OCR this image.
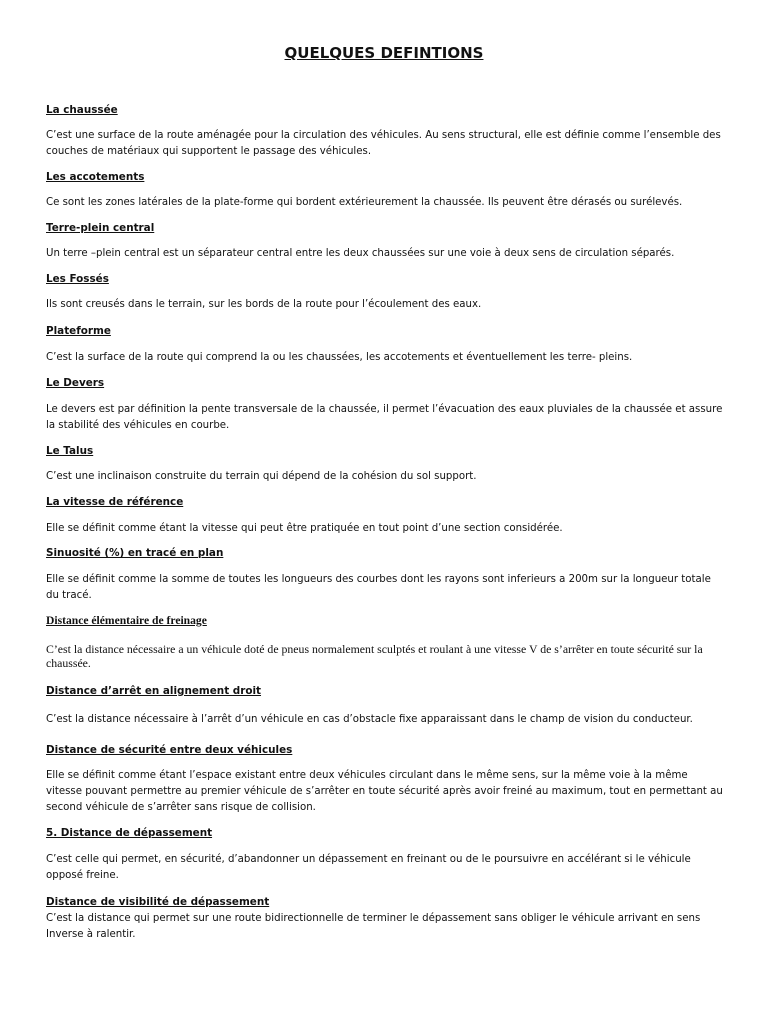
QUELQUES DEFINTIONS
La chaussée

C’est une surface de la route aménagée pour la circulation des véhicules. Au sens structural, elle est définie comme l’ensemble des couches de matériaux qui supportent le passage des véhicules.

Les accotements

Ce sont les zones latérales de la plate-forme qui bordent extérieurement la chaussée. Ils peuvent être dérasés ou surélevés.

Terre-plein central

Un terre –plein central est un séparateur central entre les deux chaussées sur une voie à deux sens de circulation séparés.

Les Fossés

Ils sont creusés dans le terrain, sur les bords de la route pour l’écoulement des eaux.

Plateforme

C’est la surface de la route qui comprend la ou les chaussées, les accotements et éventuellement les terre- pleins.

Le Devers

Le devers est par définition la pente transversale de la chaussée, il permet l’évacuation des eaux pluviales de la chaussée et assure la stabilité des véhicules en courbe.

Le Talus

C’est une inclinaison construite du terrain qui dépend de la cohésion du sol support.

La vitesse de référence

Elle se définit comme étant la vitesse qui peut être pratiquée en tout point d’une section considérée.

Sinuosité (%) en tracé en plan

Elle se définit comme la somme de toutes les longueurs des courbes dont les rayons sont inferieurs a 200m sur la longueur totale du tracé.

Distance élémentaire de freinage

C’est la distance nécessaire a un véhicule doté de pneus normalement sculptés et roulant à une vitesse V de s’arrêter en toute sécurité sur la chaussée.

Distance d’arrêt en alignement droit

C’est la distance nécessaire à l’arrêt d’un véhicule en cas d’obstacle fixe apparaissant dans le champ de vision du conducteur.

Distance de sécurité entre deux véhicules

Elle se définit comme étant l’espace existant entre deux véhicules circulant dans le même sens, sur la même voie à la même vitesse pouvant permettre au premier véhicule de s’arrêter en toute sécurité après avoir freiné au maximum, tout en permettant au second véhicule de s’arrêter sans risque de collision.

5. Distance de dépassement

C’est celle qui permet, en sécurité, d’abandonner un dépassement en freinant ou de le poursuivre en accélérant si le véhicule opposé freine.

Distance de visibilité de dépassement

C’est la distance qui permet sur une route bidirectionnelle de terminer le dépassement sans obliger le véhicule arrivant en sens Inverse à ralentir.
